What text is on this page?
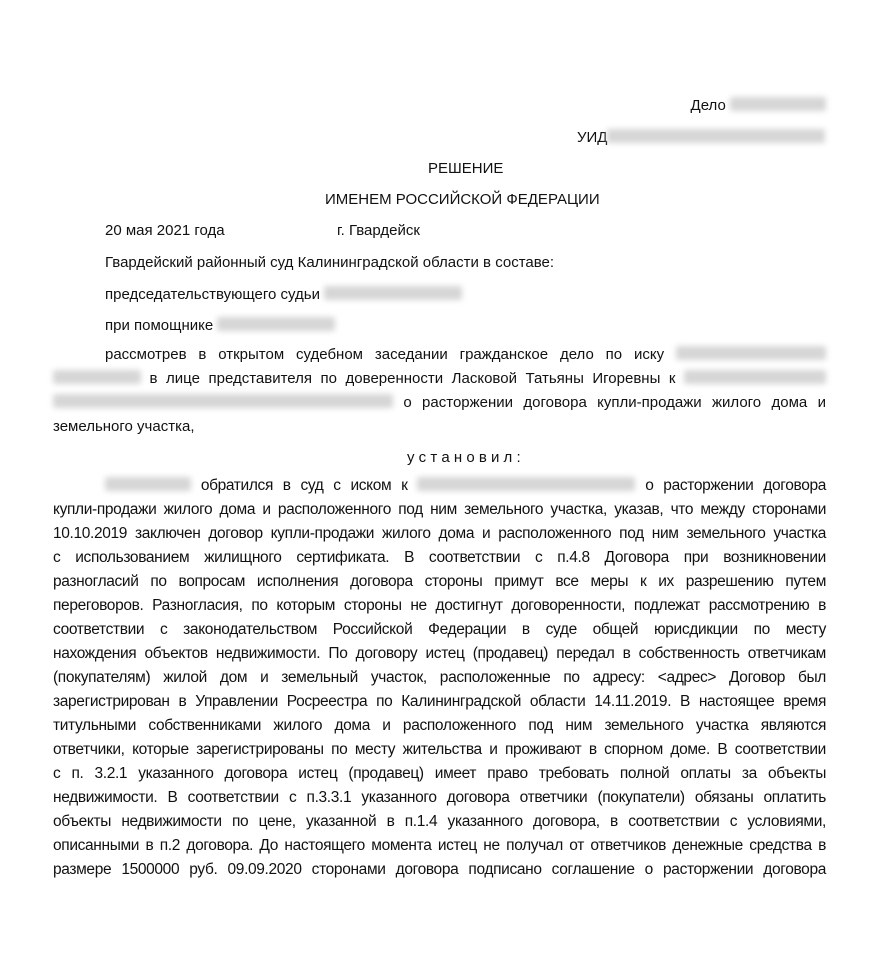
Дело
УИД
РЕШЕНИЕ
ИМЕНЕМ РОССИЙСКОЙ ФЕДЕРАЦИИ
20 мая 2021 года	г. Гвардейск
Гвардейский районный суд Калининградской области в составе:
председательствующего судьи
при помощнике
рассмотрев в открытом судебном заседании гражданское дело по иску
в лице представителя по доверенности Ласковой Татьяны Игоревны к
о расторжении договора купли-продажи жилого дома и
земельного участка,
у с т а н о в и л :
обратился в суд с иском к	о расторжении договора
купли-продажи жилого дома и расположенного под ним земельного участка, указав, что между сторонами
10.10.2019 заключен договор купли-продажи жилого дома и расположенного под ним земельного участка
с использованием жилищного сертификата. В соответствии с п.4.8 Договора при возникновении
разногласий по вопросам исполнения договора стороны примут все меры к их разрешению путем
переговоров. Разногласия, по которым стороны не достигнут договоренности, подлежат рассмотрению в
соответствии с законодательством Российской Федерации в суде общей юрисдикции по месту
нахождения объектов недвижимости. По договору истец (продавец) передал в собственность ответчикам
(покупателям) жилой дом и земельный участок, расположенные по адресу: <адрес> Договор был
зарегистрирован в Управлении Росреестра по Калининградской области 14.11.2019. В настоящее время
титульными собственниками жилого дома и расположенного под ним земельного участка являются
ответчики, которые зарегистрированы по месту жительства и проживают в спорном доме. В соответствии
с п. 3.2.1 указанного договора истец (продавец) имеет право требовать полной оплаты за объекты
недвижимости. В соответствии с п.3.3.1 указанного договора ответчики (покупатели) обязаны оплатить
объекты недвижимости по цене, указанной в п.1.4 указанного договора, в соответствии с условиями,
описанными в п.2 договора. До настоящего момента истец не получал от ответчиков денежные средства в
размере 1500000 руб. 09.09.2020 сторонами договора подписано соглашение о расторжении договора
